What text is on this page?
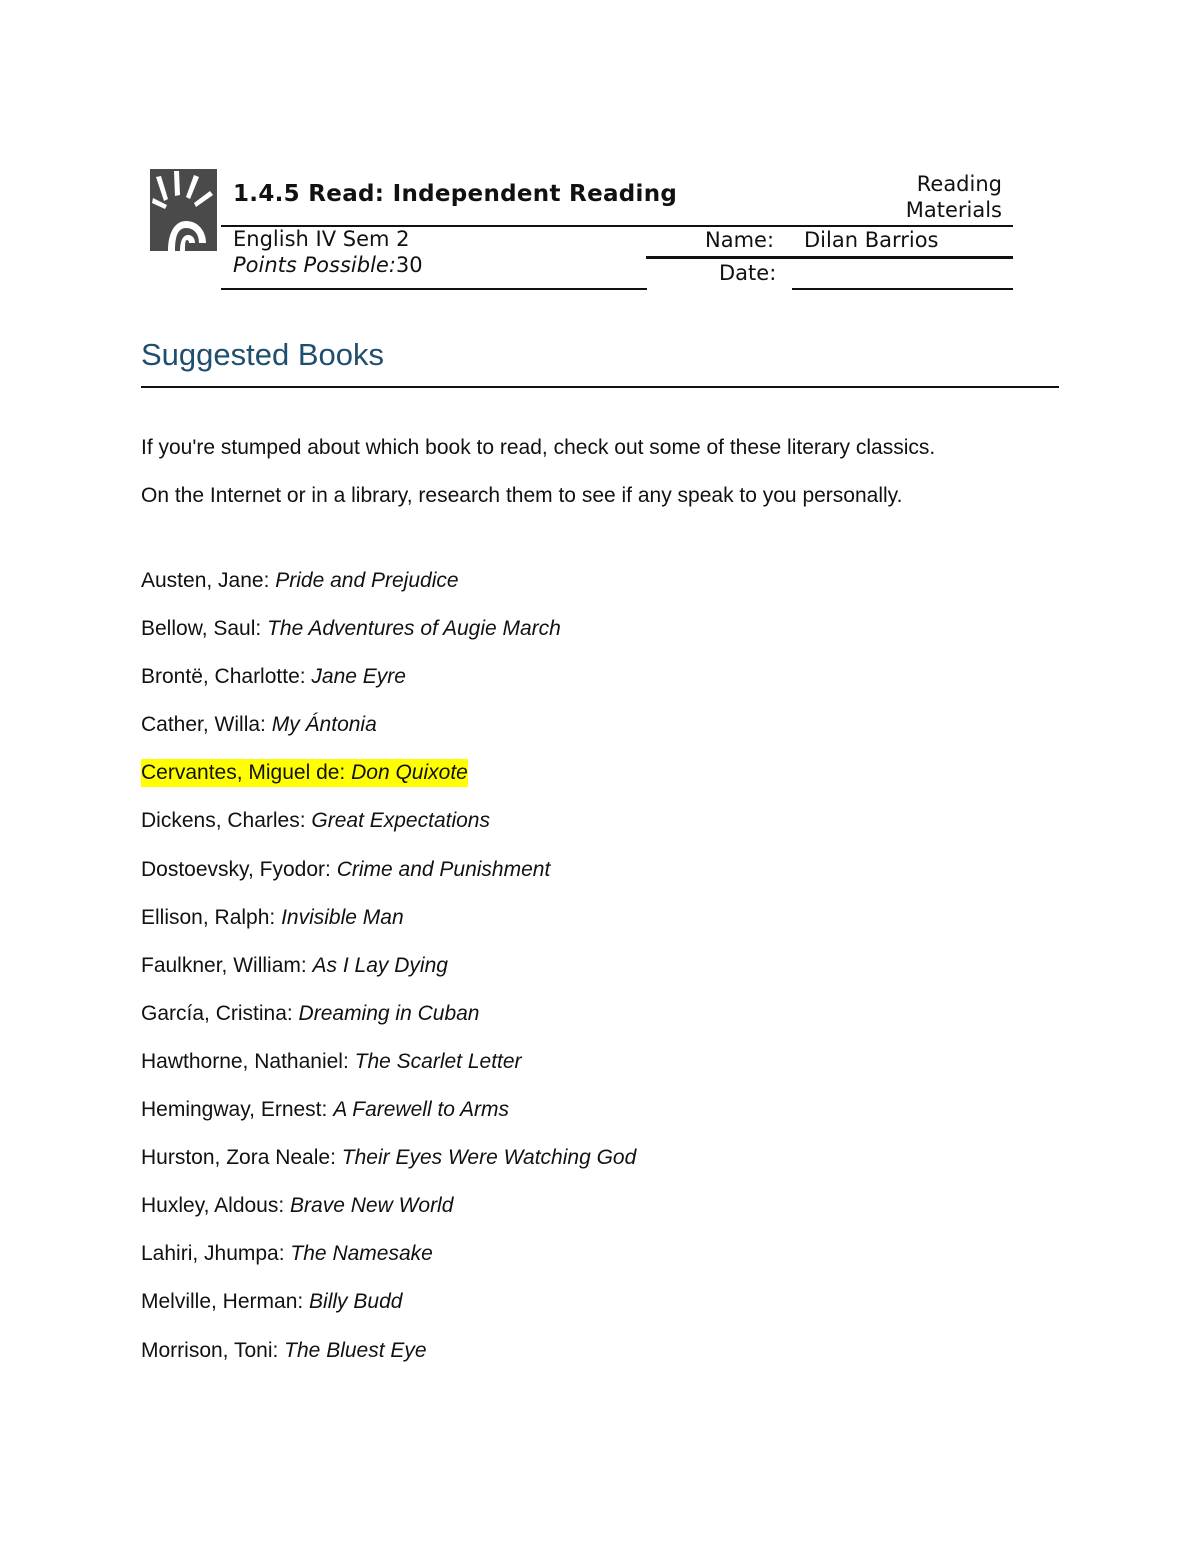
1.4.5 Read: Independent Reading	Reading
Materials
English IV Sem 2
Points Possible:30
Name: Dilan Barrios
Date:
Suggested Books
If you're stumped about which book to read, check out some of these literary classics.
On the Internet or in a library, research them to see if any speak to you personally.
Austen, Jane: Pride and Prejudice
Bellow, Saul: The Adventures of Augie March
Brontë, Charlotte: Jane Eyre
Cather, Willa: My Ántonia
Cervantes, Miguel de: Don Quixote
Dickens, Charles: Great Expectations
Dostoevsky, Fyodor: Crime and Punishment
Ellison, Ralph: Invisible Man
Faulkner, William: As I Lay Dying
García, Cristina: Dreaming in Cuban
Hawthorne, Nathaniel: The Scarlet Letter
Hemingway, Ernest: A Farewell to Arms
Hurston, Zora Neale: Their Eyes Were Watching God
Huxley, Aldous: Brave New World
Lahiri, Jhumpa: The Namesake
Melville, Herman: Billy Budd
Morrison, Toni: The Bluest Eye
